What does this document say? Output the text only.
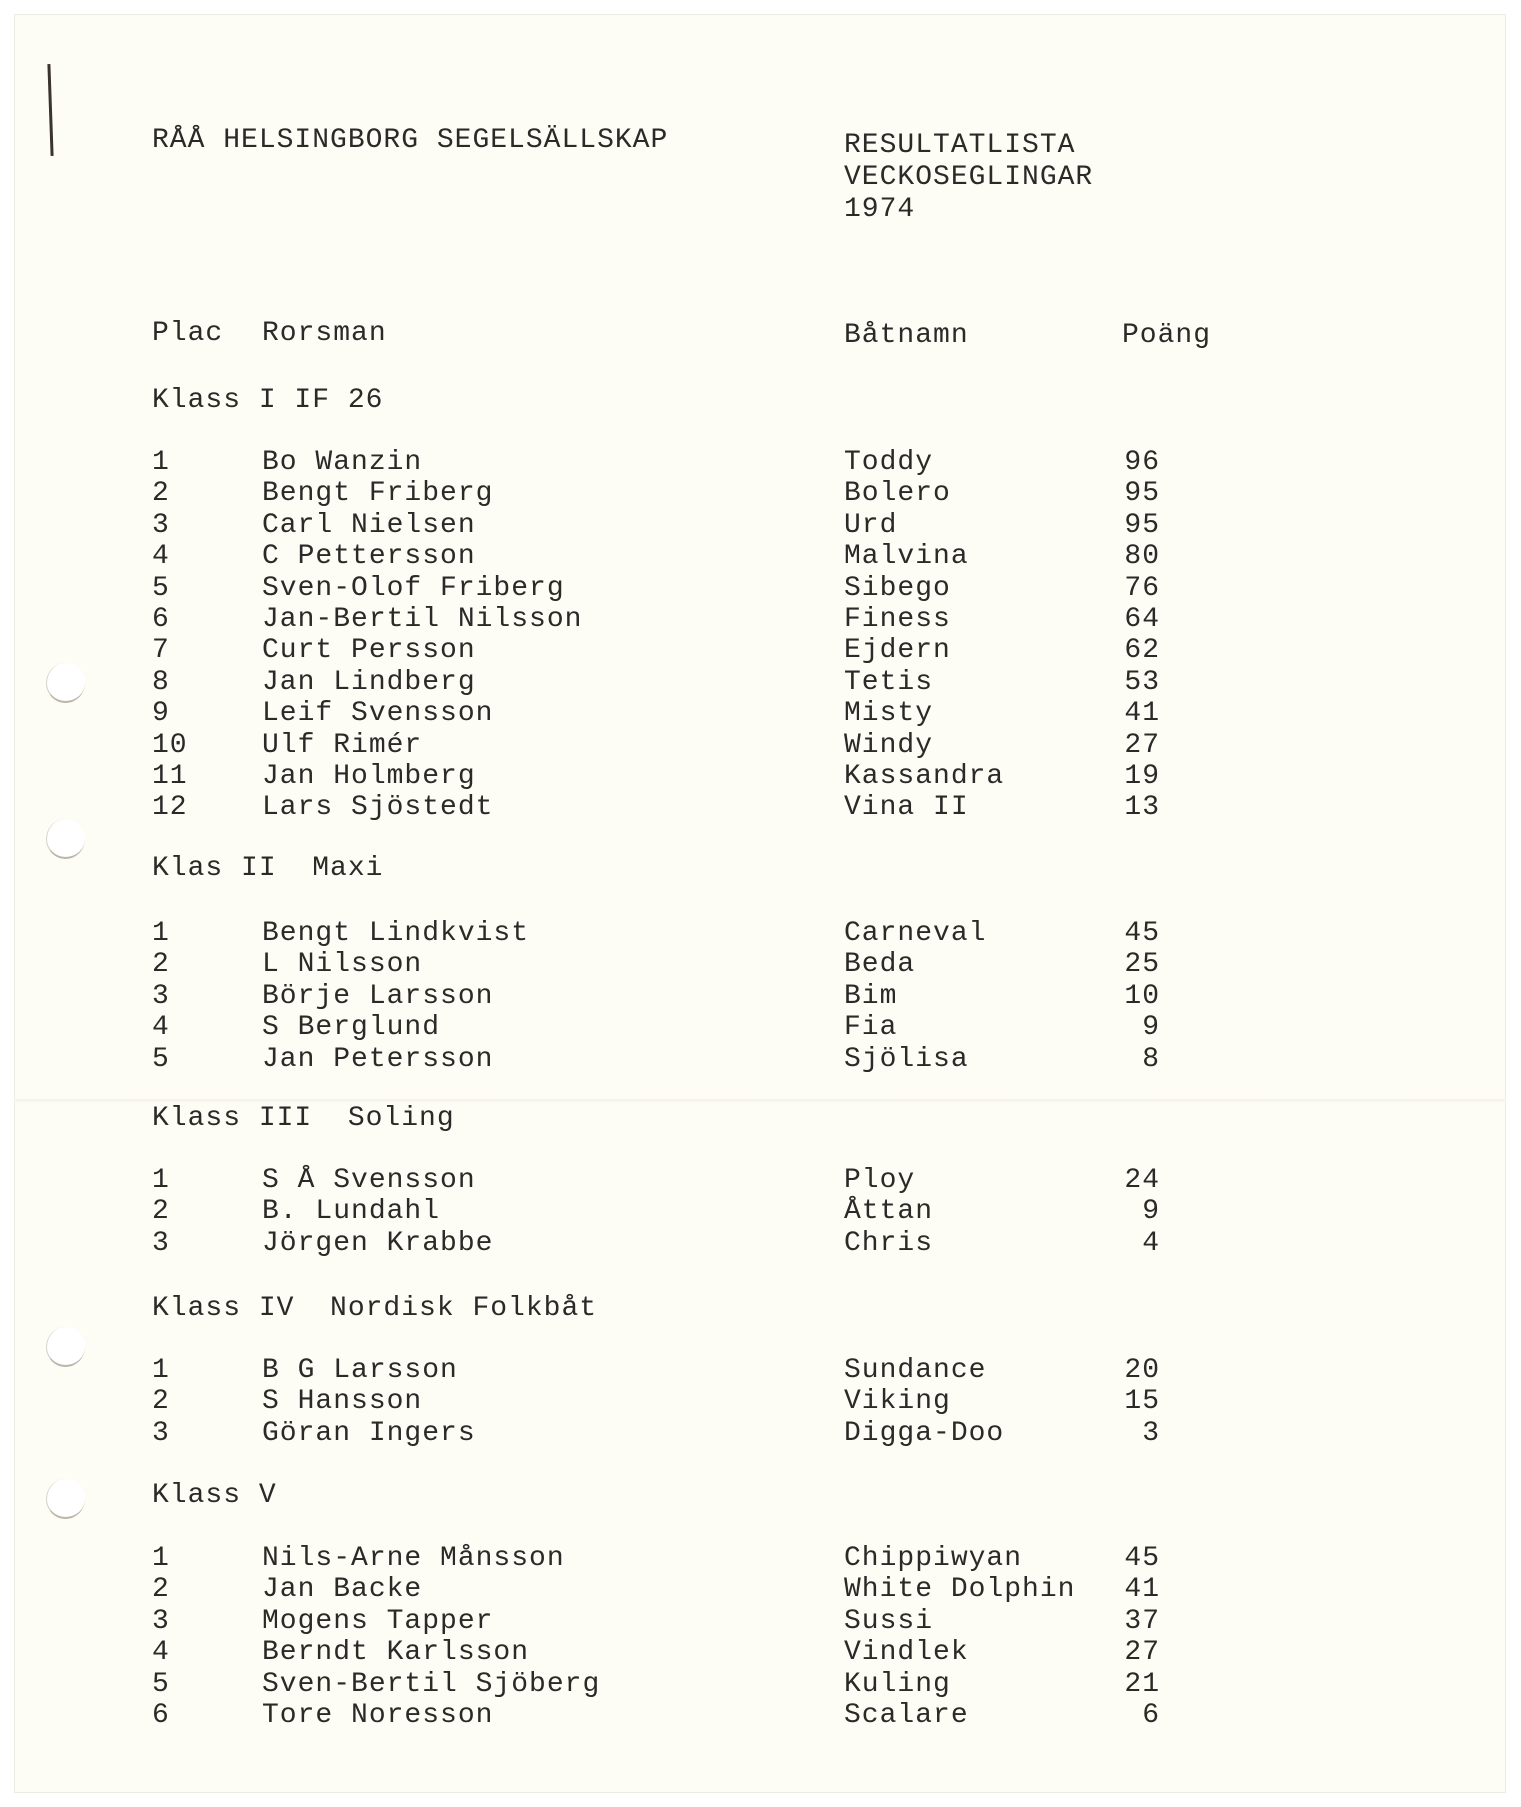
RÅÅ HELSINGBORG SEGELSÄLLSKAP	RESULTATLISTA
VECKOSEGLINGAR
1974
Plac Rorsman	Båtnamn	Poäng
Klass I IF 26
1	Bo Wanzin	Toddy	96
2	Bengt Friberg	Bolero	95
3	Carl Nielsen	Urd	95
4	C Pettersson	Malvina	80
5	Sven-Olof Friberg	Sibego	76
6	Jan-Bertil Nilsson	Finess	64
7	Curt Persson	Ejdern	62
8	Jan Lindberg	Tetis	53
9	Leif Svensson	Misty	41
10	Ulf Rimér	Windy	27
11	Jan Holmberg	Kassandra	19
12	Lars Sjöstedt	Vina II	13
Klas II  Maxi
1	Bengt Lindkvist	Carneval	45
2	L Nilsson	Beda	25
3	Börje Larsson	Bim	10
4	S Berglund	Fia	9
5	Jan Petersson	Sjölisa	8
Klass III  Soling
1	S Å Svensson	Ploy	24
2	B. Lundahl	Åttan	9
3	Jörgen Krabbe	Chris	4
Klass IV  Nordisk Folkbåt
1	B G Larsson	Sundance	20
2	S Hansson	Viking	15
3	Göran Ingers	Digga-Doo	3
Klass V
1	Nils-Arne Månsson	Chippiwyan	45
2	Jan Backe	White Dolphin 41
3	Mogens Tapper	Sussi	37
4	Berndt Karlsson	Vindlek	27
5	Sven-Bertil Sjöberg	Kuling	21
6	Tore Noresson	Scalare	6
